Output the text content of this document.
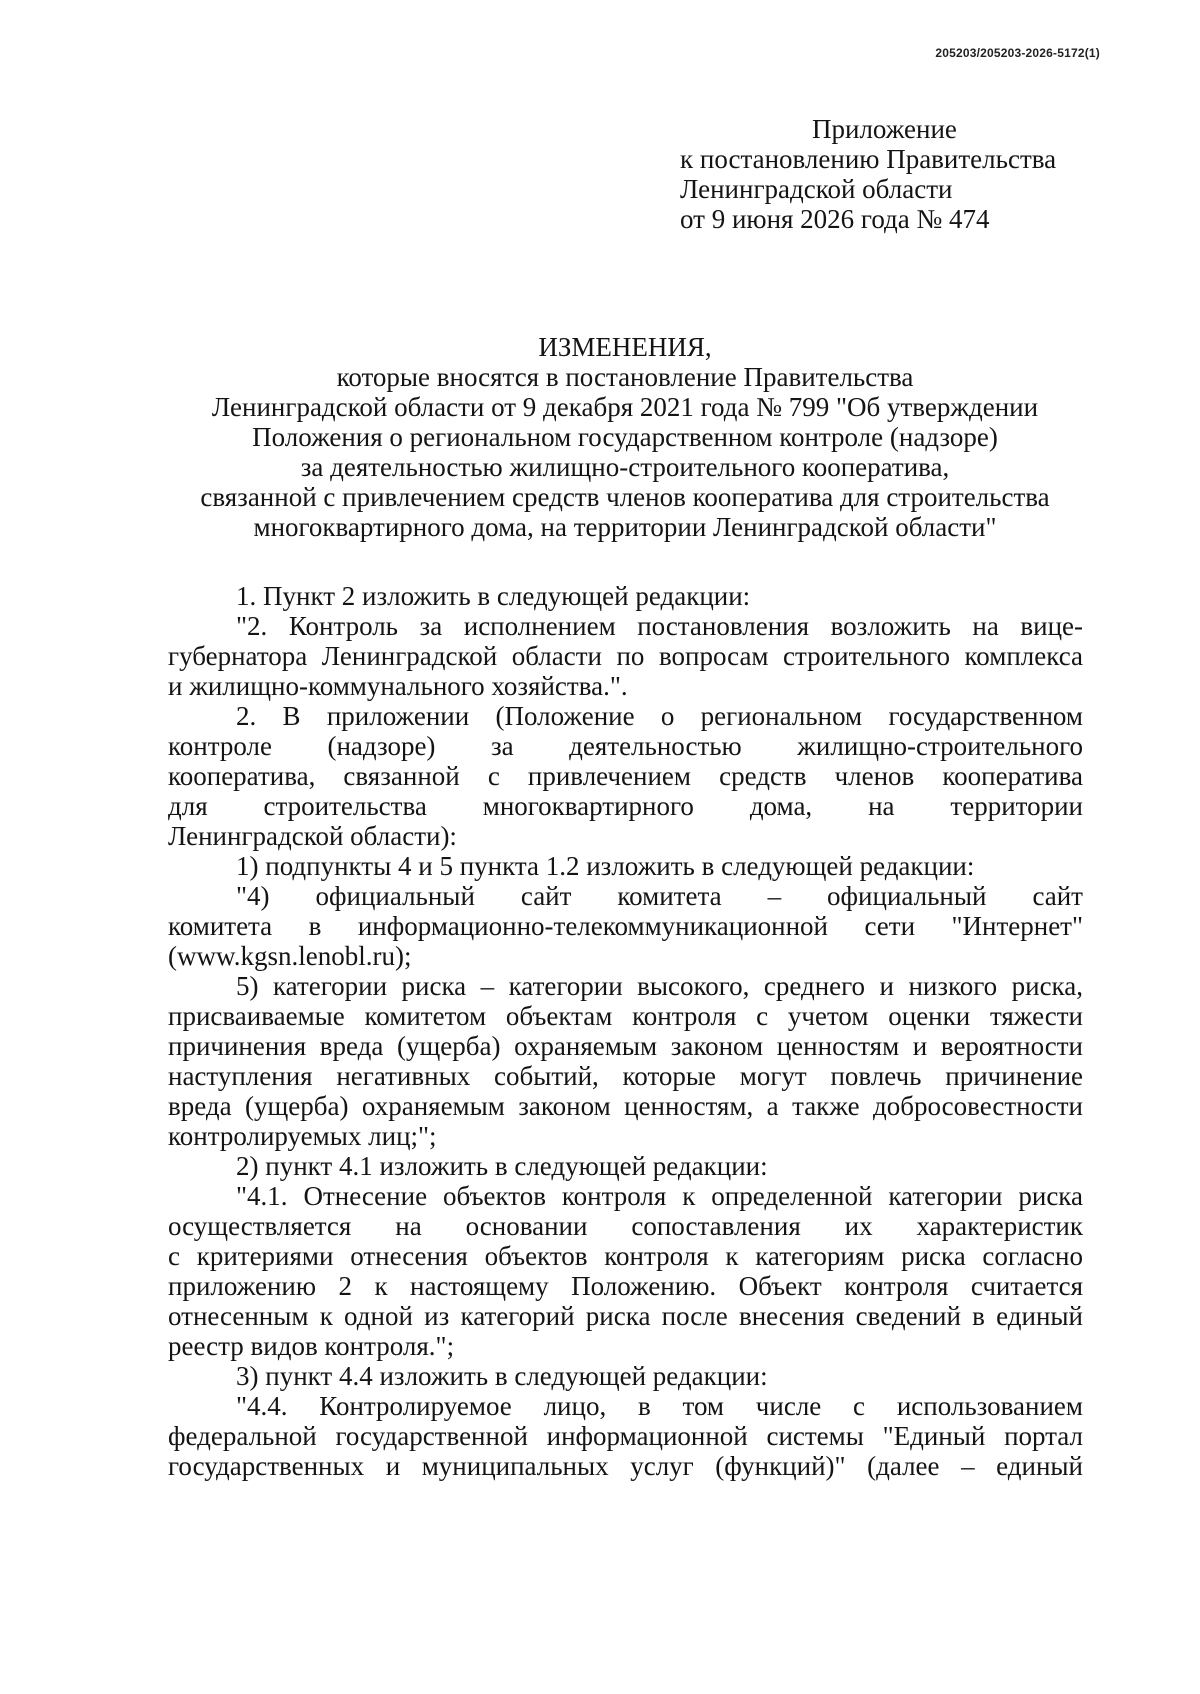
205203/205203-2026-5172(1)
Приложение
к постановлению Правительства
Ленинградской области
от 9 июня 2026 года № 474
ИЗМЕНЕНИЯ,
которые вносятся в постановление Правительства
Ленинградской области от 9 декабря 2021 года № 799 "Об утверждении
Положения о региональном государственном контроле (надзоре)
за деятельностью жилищно-строительного кооператива,
связанной с привлечением средств членов кооператива для строительства
многоквартирного дома, на территории Ленинградской области"
1. Пункт 2 изложить в следующей редакции:
"2. Контроль за исполнением постановления возложить на вице-
губернатора Ленинградской области по вопросам строительного комплекса
и жилищно-коммунального хозяйства.".
2. В приложении (Положение о региональном государственном
контроле (надзоре) за деятельностью жилищно-строительного
кооператива, связанной с привлечением средств членов кооператива
для строительства многоквартирного дома, на территории
Ленинградской области):
1) подпункты 4 и 5 пункта 1.2 изложить в следующей редакции:
"4) официальный сайт комитета – официальный сайт
комитета в информационно-телекоммуникационной сети "Интернет"
(www.kgsn.lenobl.ru);
5) категории риска – категории высокого, среднего и низкого риска,
присваиваемые комитетом объектам контроля с учетом оценки тяжести
причинения вреда (ущерба) охраняемым законом ценностям и вероятности
наступления негативных событий, которые могут повлечь причинение
вреда (ущерба) охраняемым законом ценностям, а также добросовестности
контролируемых лиц;";
2) пункт 4.1 изложить в следующей редакции:
"4.1. Отнесение объектов контроля к определенной категории риска
осуществляется на основании сопоставления их характеристик
с критериями отнесения объектов контроля к категориям риска согласно
приложению 2 к настоящему Положению. Объект контроля считается
отнесенным к одной из категорий риска после внесения сведений в единый
реестр видов контроля.";
3) пункт 4.4 изложить в следующей редакции:
"4.4. Контролируемое лицо, в том числе с использованием
федеральной государственной информационной системы "Единый портал
государственных и муниципальных услуг (функций)" (далее – единый
